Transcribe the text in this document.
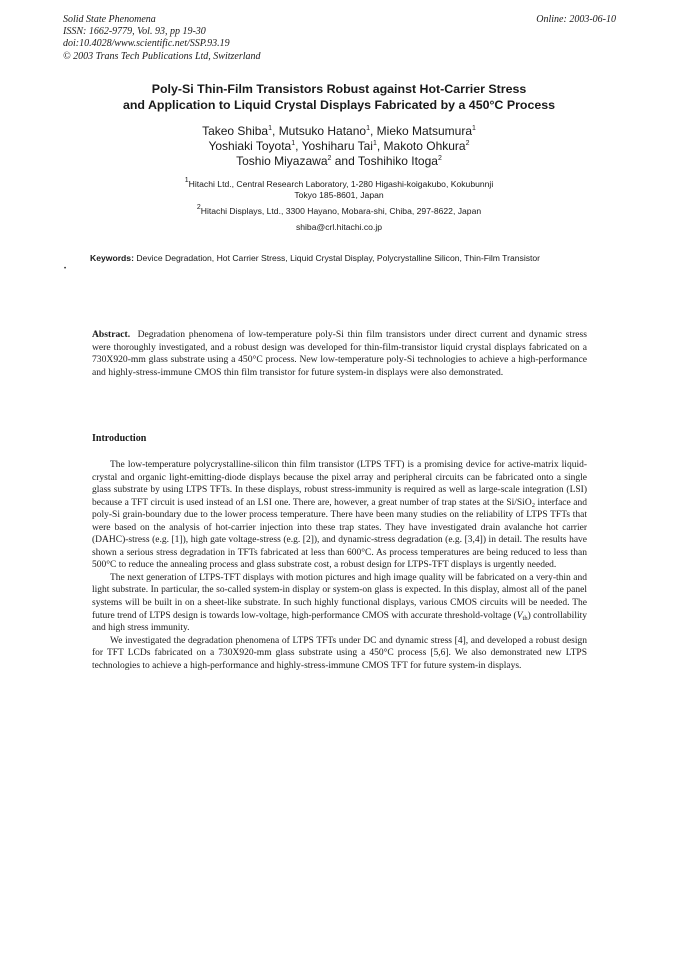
Solid State Phenomena
ISSN: 1662-9779, Vol. 93, pp 19-30
doi:10.4028/www.scientific.net/SSP.93.19
© 2003 Trans Tech Publications Ltd, Switzerland
Online: 2003-06-10
Poly-Si Thin-Film Transistors Robust against Hot-Carrier Stress
and Application to Liquid Crystal Displays Fabricated by a 450°C Process
Takeo Shiba$^1$, Mutsuko Hatano$^1$, Mieko Matsumura$^1$
Yoshiaki Toyota$^1$, Yoshiharu Tai$^1$, Makoto Ohkura$^2$
Toshio Miyazawa$^2$ and Toshihiko Itoga$^2$
$^1$Hitachi Ltd., Central Research Laboratory, 1-280 Higashi-koigakubo, Kokubunnji
Tokyo 185-8601, Japan
$^2$Hitachi Displays, Ltd., 3300 Hayano, Mobara-shi, Chiba, 297-8622, Japan
shiba@crl.hitachi.co.jp
•
Keywords: Device Degradation, Hot Carrier Stress, Liquid Crystal Display, Polycrystalline Silicon, Thin-Film Transistor
Abstract. Degradation phenomena of low-temperature poly-Si thin film transistors under direct current and dynamic stress were thoroughly investigated, and a robust design was developed for thin-film-transistor liquid crystal displays fabricated on a 730X920-mm glass substrate using a 450°C process. New low-temperature poly-Si technologies to achieve a high-performance and highly-stress-immune CMOS thin film transistor for future system-in displays were also demonstrated.
Introduction

The low-temperature polycrystalline-silicon thin film transistor (LTPS TFT) is a promising device for active-matrix liquid-crystal and organic light-emitting-diode displays because the pixel array and peripheral circuits can be fabricated onto a single glass substrate by using LTPS TFTs. In these displays, robust stress-immunity is required as well as large-scale integration (LSI) because a TFT circuit is used instead of an LSI one. There are, however, a great number of trap states at the Si/SiO$_2$ interface and poly-Si grain-boundary due to the lower process temperature. There have been many studies on the reliability of LTPS TFTs that were based on the analysis of hot-carrier injection into these trap states. They have investigated drain avalanche hot carrier (DAHC)-stress (e.g. [1]), high gate voltage-stress (e.g. [2]), and dynamic-stress degradation (e.g. [3,4]) in detail. The results have shown a serious stress degradation in TFTs fabricated at less than 600°C. As process temperatures are being reduced to less than 500°C to reduce the annealing process and glass substrate cost, a robust design for LTPS-TFT displays is urgently needed.

The next generation of LTPS-TFT displays with motion pictures and high image quality will be fabricated on a very-thin and light substrate. In particular, the so-called system-in display or system-on glass is expected. In this display, almost all of the panel systems will be built in on a sheet-like substrate. In such highly functional displays, various CMOS circuits will be needed. The future trend of LTPS design is towards low-voltage, high-performance CMOS with accurate threshold-voltage $(V_{th})$ controllability and high stress immunity.

We investigated the degradation phenomena of LTPS TFTs under DC and dynamic stress [4], and developed a robust design for TFT LCDs fabricated on a 730X920-mm glass substrate using a 450°C process [5,6]. We also demonstrated new LTPS technologies to achieve a high-performance and highly-stress-immune CMOS TFT for future system-in displays.
